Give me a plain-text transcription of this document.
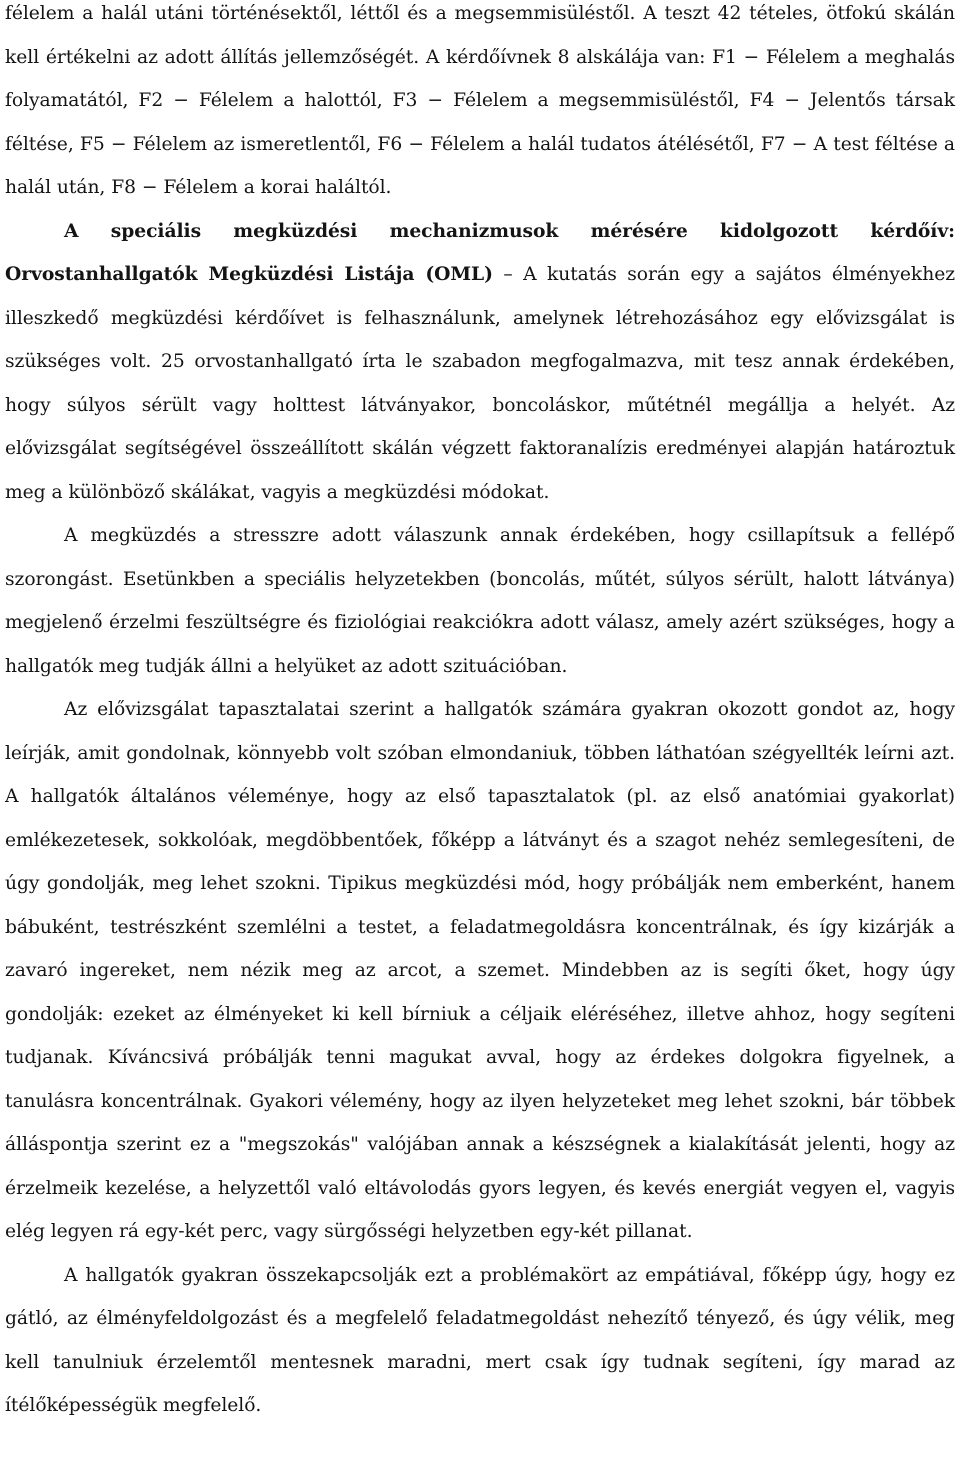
félelem a halál utáni történésektől, léttől és a megsemmisüléstől. A teszt 42 tételes, ötfokú skálán kell értékelni az adott állítás jellemzőségét. A kérdőívnek 8 alskálája van: F1 − Félelem a meghalás folyamatától, F2 − Félelem a halottól, F3 − Félelem a megsemmisüléstől, F4 − Jelentős társak féltése, F5 − Félelem az ismeretlentől, F6 − Félelem a halál tudatos átélésétől, F7 − A test féltése a halál után, F8 − Félelem a korai haláltól.

A speciális megküzdési mechanizmusok mérésére kidolgozott kérdőív: Orvostanhallgatók Megküzdési Listája (OML) – A kutatás során egy a sajátos élményekhez illeszkedő megküzdési kérdőívet is felhasználunk, amelynek létrehozásához egy elővizsgálat is szükséges volt. 25 orvostanhallgató írta le szabadon megfogalmazva, mit tesz annak érdekében, hogy súlyos sérült vagy holttest látványakor, boncoláskor, műtétnél megállja a helyét. Az elővizsgálat segítségével összeállított skálán végzett faktoranalízis eredményei alapján határoztuk meg a különböző skálákat, vagyis a megküzdési módokat.

A megküzdés a stresszre adott válaszunk annak érdekében, hogy csillapítsuk a fellépő szorongást. Esetünkben a speciális helyzetekben (boncolás, műtét, súlyos sérült, halott látványa) megjelenő érzelmi feszültségre és fiziológiai reakciókra adott válasz, amely azért szükséges, hogy a hallgatók meg tudják állni a helyüket az adott szituációban.

Az elővizsgálat tapasztalatai szerint a hallgatók számára gyakran okozott gondot az, hogy leírják, amit gondolnak, könnyebb volt szóban elmondaniuk, többen láthatóan szégyellték leírni azt. A hallgatók általános véleménye, hogy az első tapasztalatok (pl. az első anatómiai gyakorlat) emlékezetesek, sokkolóak, megdöbbentőek, főképp a látványt és a szagot nehéz semlegesíteni, de úgy gondolják, meg lehet szokni. Tipikus megküzdési mód, hogy próbálják nem emberként, hanem bábuként, testrészként szemlélni a testet, a feladatmegoldásra koncentrálnak, és így kizárják a zavaró ingereket, nem nézik meg az arcot, a szemet. Mindebben az is segíti őket, hogy úgy gondolják: ezeket az élményeket ki kell bírniuk a céljaik eléréséhez, illetve ahhoz, hogy segíteni tudjanak. Kíváncsivá próbálják tenni magukat avval, hogy az érdekes dolgokra figyelnek, a tanulásra koncentrálnak. Gyakori vélemény, hogy az ilyen helyzeteket meg lehet szokni, bár többek álláspontja szerint ez a "megszokás" valójában annak a készségnek a kialakítását jelenti, hogy az érzelmeik kezelése, a helyzettől való eltávolodás gyors legyen, és kevés energiát vegyen el, vagyis elég legyen rá egy-két perc, vagy sürgősségi helyzetben egy-két pillanat.

A hallgatók gyakran összekapcsolják ezt a problémakört az empátiával, főképp úgy, hogy ez gátló, az élményfeldolgozást és a megfelelő feladatmegoldást nehezítő tényező, és úgy vélik, meg kell tanulniuk érzelemtől mentesnek maradni, mert csak így tudnak segíteni, így marad az ítélőképességük megfelelő.
